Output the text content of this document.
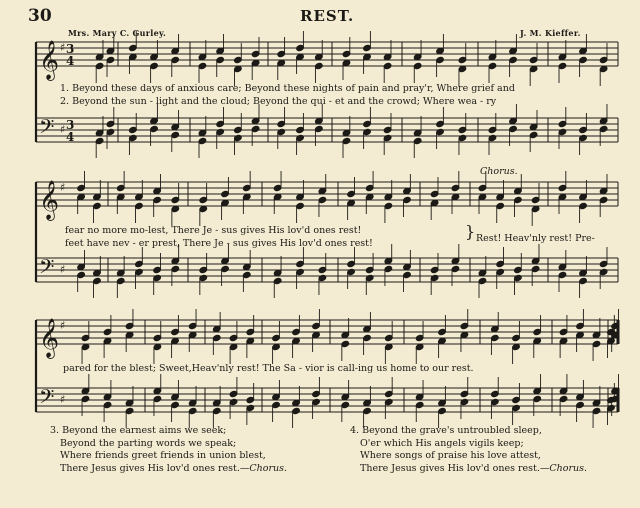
30	REST.
Mrs. Mary C. Gurley.	J. M. Kieffer.
𝄞
𝄢
♯
♯
𝄞
𝄢
♯
♯
𝄞
𝄢
♯
♯
3
4
3
4
1. Beyond these days of anxious care; Beyond these nights of pain and pray'r, Where grief and
2. Beyond the sun - light and the cloud; Beyond the qui - et and the crowd; Where wea - ry
Chorus.
fear no more mo-lest, There Je - sus gives His lov'd ones rest!
feet have nev - er prest, There Je - sus gives His lov'd ones rest!
} Rest! Heav'nly rest! Pre-
pared for the blest; Sweet,Heav'nly rest! The Sa - vior is call-ing us home to our rest.
3. Beyond the earnest aims we seek;
Beyond the parting words we speak;
Where friends greet friends in union blest,
There Jesus gives His lov'd ones rest.—Chorus.
4. Beyond the grave's untroubled sleep,
O'er which His angels vigils keep;
Where songs of praise his love attest,
There Jesus gives His lov'd ones rest.—Chorus.
